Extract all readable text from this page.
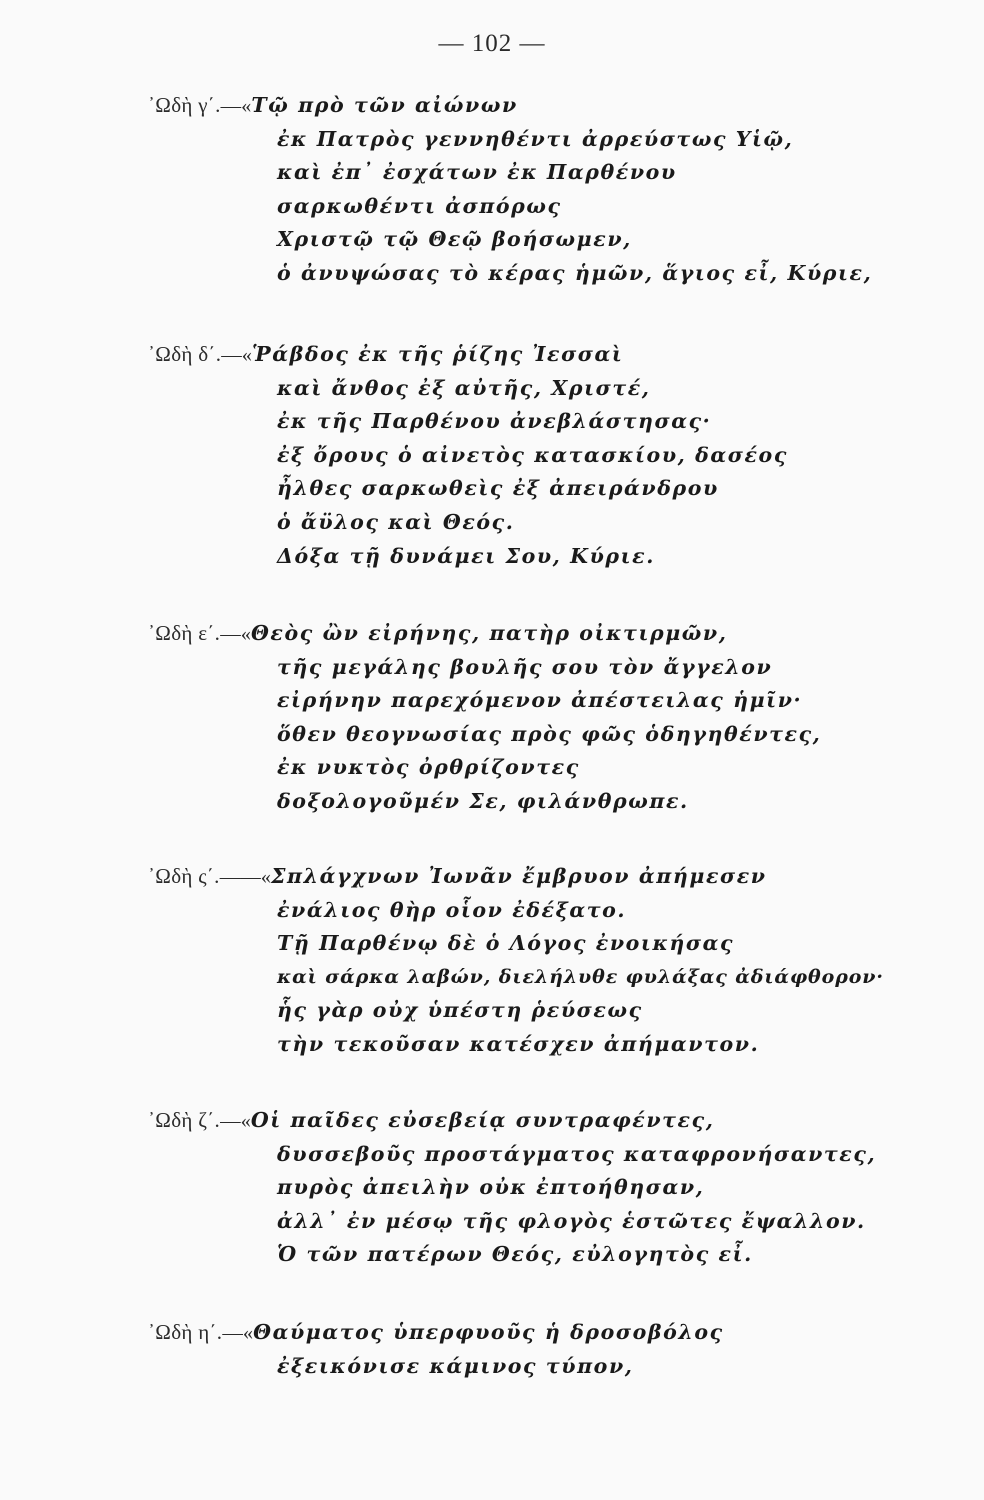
— 102 —
᾿Ωδὴ γ΄.—«Τῷ πρὸ τῶν αἰώνων
ἐκ Πατρὸς γεννηθέντι ἀρρεύστως Υἱῷ,
καὶ ἐπ᾿ ἐσχάτων ἐκ Παρθένου
σαρκωθέντι ἀσπόρως
Χριστῷ τῷ Θεῷ βοήσωμεν,
ὁ ἀνυψώσας τὸ κέρας ἡμῶν, ἅγιος εἶ, Κύριε,
᾿Ωδὴ δ΄.—«Ῥάβδος ἐκ τῆς ῥίζης Ἰεσσαὶ
καὶ ἄνθος ἐξ αὐτῆς, Χριστέ,
ἐκ τῆς Παρθένου ἀνεβλάστησας·
ἐξ ὄρους ὁ αἰνετὸς κατασκίου, δασέος
ἦλθες σαρκωθεὶς ἐξ ἀπειράνδρου
ὁ ἄϋλος καὶ Θεός.
Δόξα τῇ δυνάμει Σου, Κύριε.
᾿Ωδὴ ε΄.—«Θεὸς ὢν εἰρήνης, πατὴρ οἰκτιρμῶν,
τῆς μεγάλης βουλῆς σου τὸν ἄγγελον
εἰρήνην παρεχόμενον ἀπέστειλας ἡμῖν·
ὅθεν θεογνωσίας πρὸς φῶς ὁδηγηθέντες,
ἐκ νυκτὸς ὀρθρίζοντες
δοξολογοῦμέν Σε, φιλάνθρωπε.
᾿Ωδὴ ς΄.——«Σπλάγχνων Ἰωνᾶν ἔμβρυον ἀπήμεσεν
ἐνάλιος θὴρ οἷον ἐδέξατο.
Τῇ Παρθένῳ δὲ ὁ Λόγος ἐνοικήσας
καὶ σάρκα λαβών, διελήλυθε φυλάξας ἀδιάφθορον·
ἧς γὰρ οὐχ ὑπέστη ῥεύσεως
τὴν τεκοῦσαν κατέσχεν ἀπήμαντον.
᾿Ωδὴ ζ΄.—«Οἱ παῖδες εὐσεβείᾳ συντραφέντες,
δυσσεβοῦς προστάγματος καταφρονήσαντες,
πυρὸς ἀπειλὴν οὐκ ἐπτοήθησαν,
ἀλλ᾿ ἐν μέσῳ τῆς φλογὸς ἑστῶτες ἔψαλλον.
Ὁ τῶν πατέρων Θεός, εὐλογητὸς εἶ.
᾿Ωδὴ η΄.—«Θαύματος ὑπερφυοῦς ἡ δροσοβόλος
ἐξεικόνισε κάμινος τύπον,
